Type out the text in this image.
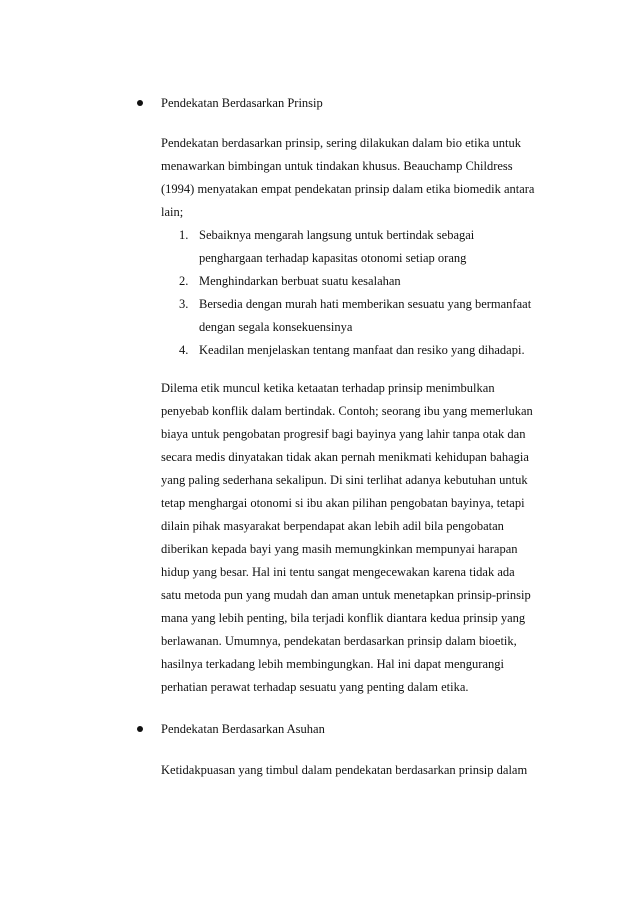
Pendekatan Berdasarkan Prinsip
Pendekatan berdasarkan prinsip, sering dilakukan dalam bio etika untuk
menawarkan bimbingan untuk tindakan khusus. Beauchamp Childress
(1994) menyatakan empat pendekatan prinsip dalam etika biomedik antara
lain;
1. Sebaiknya mengarah langsung untuk bertindak sebagai
penghargaan terhadap kapasitas otonomi setiap orang
2. Menghindarkan berbuat suatu kesalahan
3. Bersedia dengan murah hati memberikan sesuatu yang bermanfaat
dengan segala konsekuensinya
4. Keadilan menjelaskan tentang manfaat dan resiko yang dihadapi.
Dilema etik muncul ketika ketaatan terhadap prinsip menimbulkan
penyebab konflik dalam bertindak. Contoh; seorang ibu yang memerlukan
biaya untuk pengobatan progresif bagi bayinya yang lahir tanpa otak dan
secara medis dinyatakan tidak akan pernah menikmati kehidupan bahagia
yang paling sederhana sekalipun. Di sini terlihat adanya kebutuhan untuk
tetap menghargai otonomi si ibu akan pilihan pengobatan bayinya, tetapi
dilain pihak masyarakat berpendapat akan lebih adil bila pengobatan
diberikan kepada bayi yang masih memungkinkan mempunyai harapan
hidup yang besar. Hal ini tentu sangat mengecewakan karena tidak ada
satu metoda pun yang mudah dan aman untuk menetapkan prinsip-prinsip
mana yang lebih penting, bila terjadi konflik diantara kedua prinsip yang
berlawanan. Umumnya, pendekatan berdasarkan prinsip dalam bioetik,
hasilnya terkadang lebih membingungkan. Hal ini dapat mengurangi
perhatian perawat terhadap sesuatu yang penting dalam etika.
Pendekatan Berdasarkan Asuhan
Ketidakpuasan yang timbul dalam pendekatan berdasarkan prinsip dalam
